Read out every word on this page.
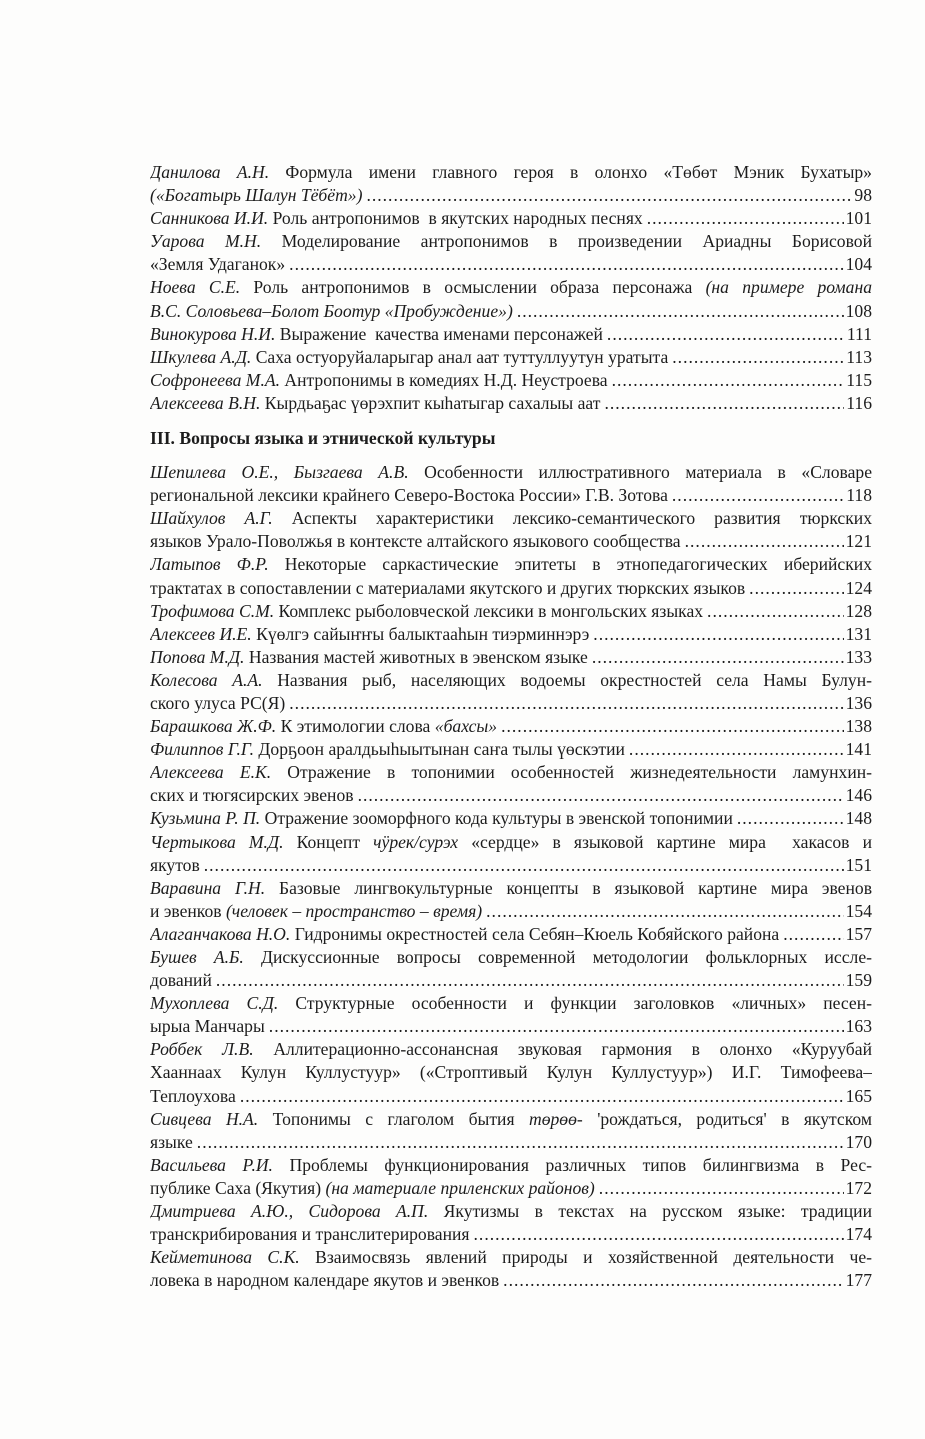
Данилова А.Н. Формула имени главного героя в олонхо «Төбөт Мэник Бухатыр»
(«Богатырь Шалун Тёбёт») .....	98
Санникова И.И. Роль антропонимов  в якутских народных песнях .....	101
Уарова М.Н. Моделирование антропонимов в произведении Ариадны Борисовой
«Земля Удаганок» .....	104
Ноева С.Е. Роль антропонимов в осмыслении образа персонажа (на примере романа
В.С. Соловьева–Болот Боотур «Пробуждение») .....	108
Винокурова Н.И. Выражение  качества именами персонажей .....	111
Шкулева А.Д. Саха остуоруйаларыгар анал аат туттуллуутун уратыта .....	113
Софронеева М.А. Антропонимы в комедиях Н.Д. Неустроева .....	115
Алексеева В.Н. Кырдьаҕас үөрэхпит кыһатыгар сахалыы аат .....	116
III. Вопросы языка и этнической культуры
Шепилева О.Е., Бызгаева А.В. Особенности иллюстративного материала в «Словаре
региональной лексики крайнего Северо-Востока России» Г.В. Зотова .....	118
Шайхулов А.Г. Аспекты характеристики лексико-семантического развития тюркских
языков Урало-Поволжья в контексте алтайского языкового сообщества .....	121
Латыпов Ф.Р. Некоторые саркастические эпитеты в этнопедагогических иберийских
трактатах в сопоставлении с материалами якутского и других тюркских языков .....	124
Трофимова С.М. Комплекс рыболовческой лексики в монгольских языках .....	128
Алексеев И.Е. Күөлгэ сайыҥҥы балыктааһын тиэрминнэрэ .....	131
Попова М.Д. Названия мастей животных в эвенском языке .....	133
Колесова А.А. Названия рыб, населяющих водоемы окрестностей села Намы Булун-
ского улуса РС(Я) .....	136
Барашкова Ж.Ф. К этимологии слова «бахсы» .....	138
Филиппов Г.Г. Дорҕоон аралдьыһыытынан саҥа тылы үөскэтии .....	141
Алексеева Е.К. Отражение в топонимии особенностей жизнедеятельности ламунхин-
ских и тюгясирских эвенов .....	146
Кузьмина Р. П. Отражение зооморфного кода культуры в эвенской топонимии .....	148
Чертыкова М.Д. Концепт чӱрек/сурэх «сердце» в языковой картине мира  хакасов и
якутов .....	151
Варавина Г.Н. Базовые лингвокультурные концепты в языковой картине мира эвенов
и эвенков (человек – пространство – время) .....	154
Алаганчакова Н.О. Гидронимы окрестностей села Себян–Кюель Кобяйского района .....	157
Бушев А.Б. Дискуссионные вопросы современной методологии фольклорных иссле-
дований .....	159
Мухоплева С.Д. Структурные особенности и функции заголовков «личных» песен-
ырыа Манчары .....	163
Роббек Л.В. Аллитерационно-ассонансная звуковая гармония в олонхо «Куруубай
Хааннаах Кулун Куллустуур» («Строптивый Кулун Куллустуур») И.Г. Тимофеева–
Теплоухова .....	165
Сивцева Н.А. Топонимы с глаголом бытия төрөө- 'рождаться, родиться' в якутском
языке .....	170
Васильева Р.И. Проблемы функционирования различных типов билингвизма в Рес-
публике Саха (Якутия) (на материале приленских районов) .....	172
Дмитриева А.Ю., Сидорова А.П. Якутизмы в текстах на русском языке: традиции
транскрибирования и транслитерирования .....	174
Кейметинова С.К. Взаимосвязь явлений природы и хозяйственной деятельности че-
ловека в народном календаре якутов и эвенков .....	177
